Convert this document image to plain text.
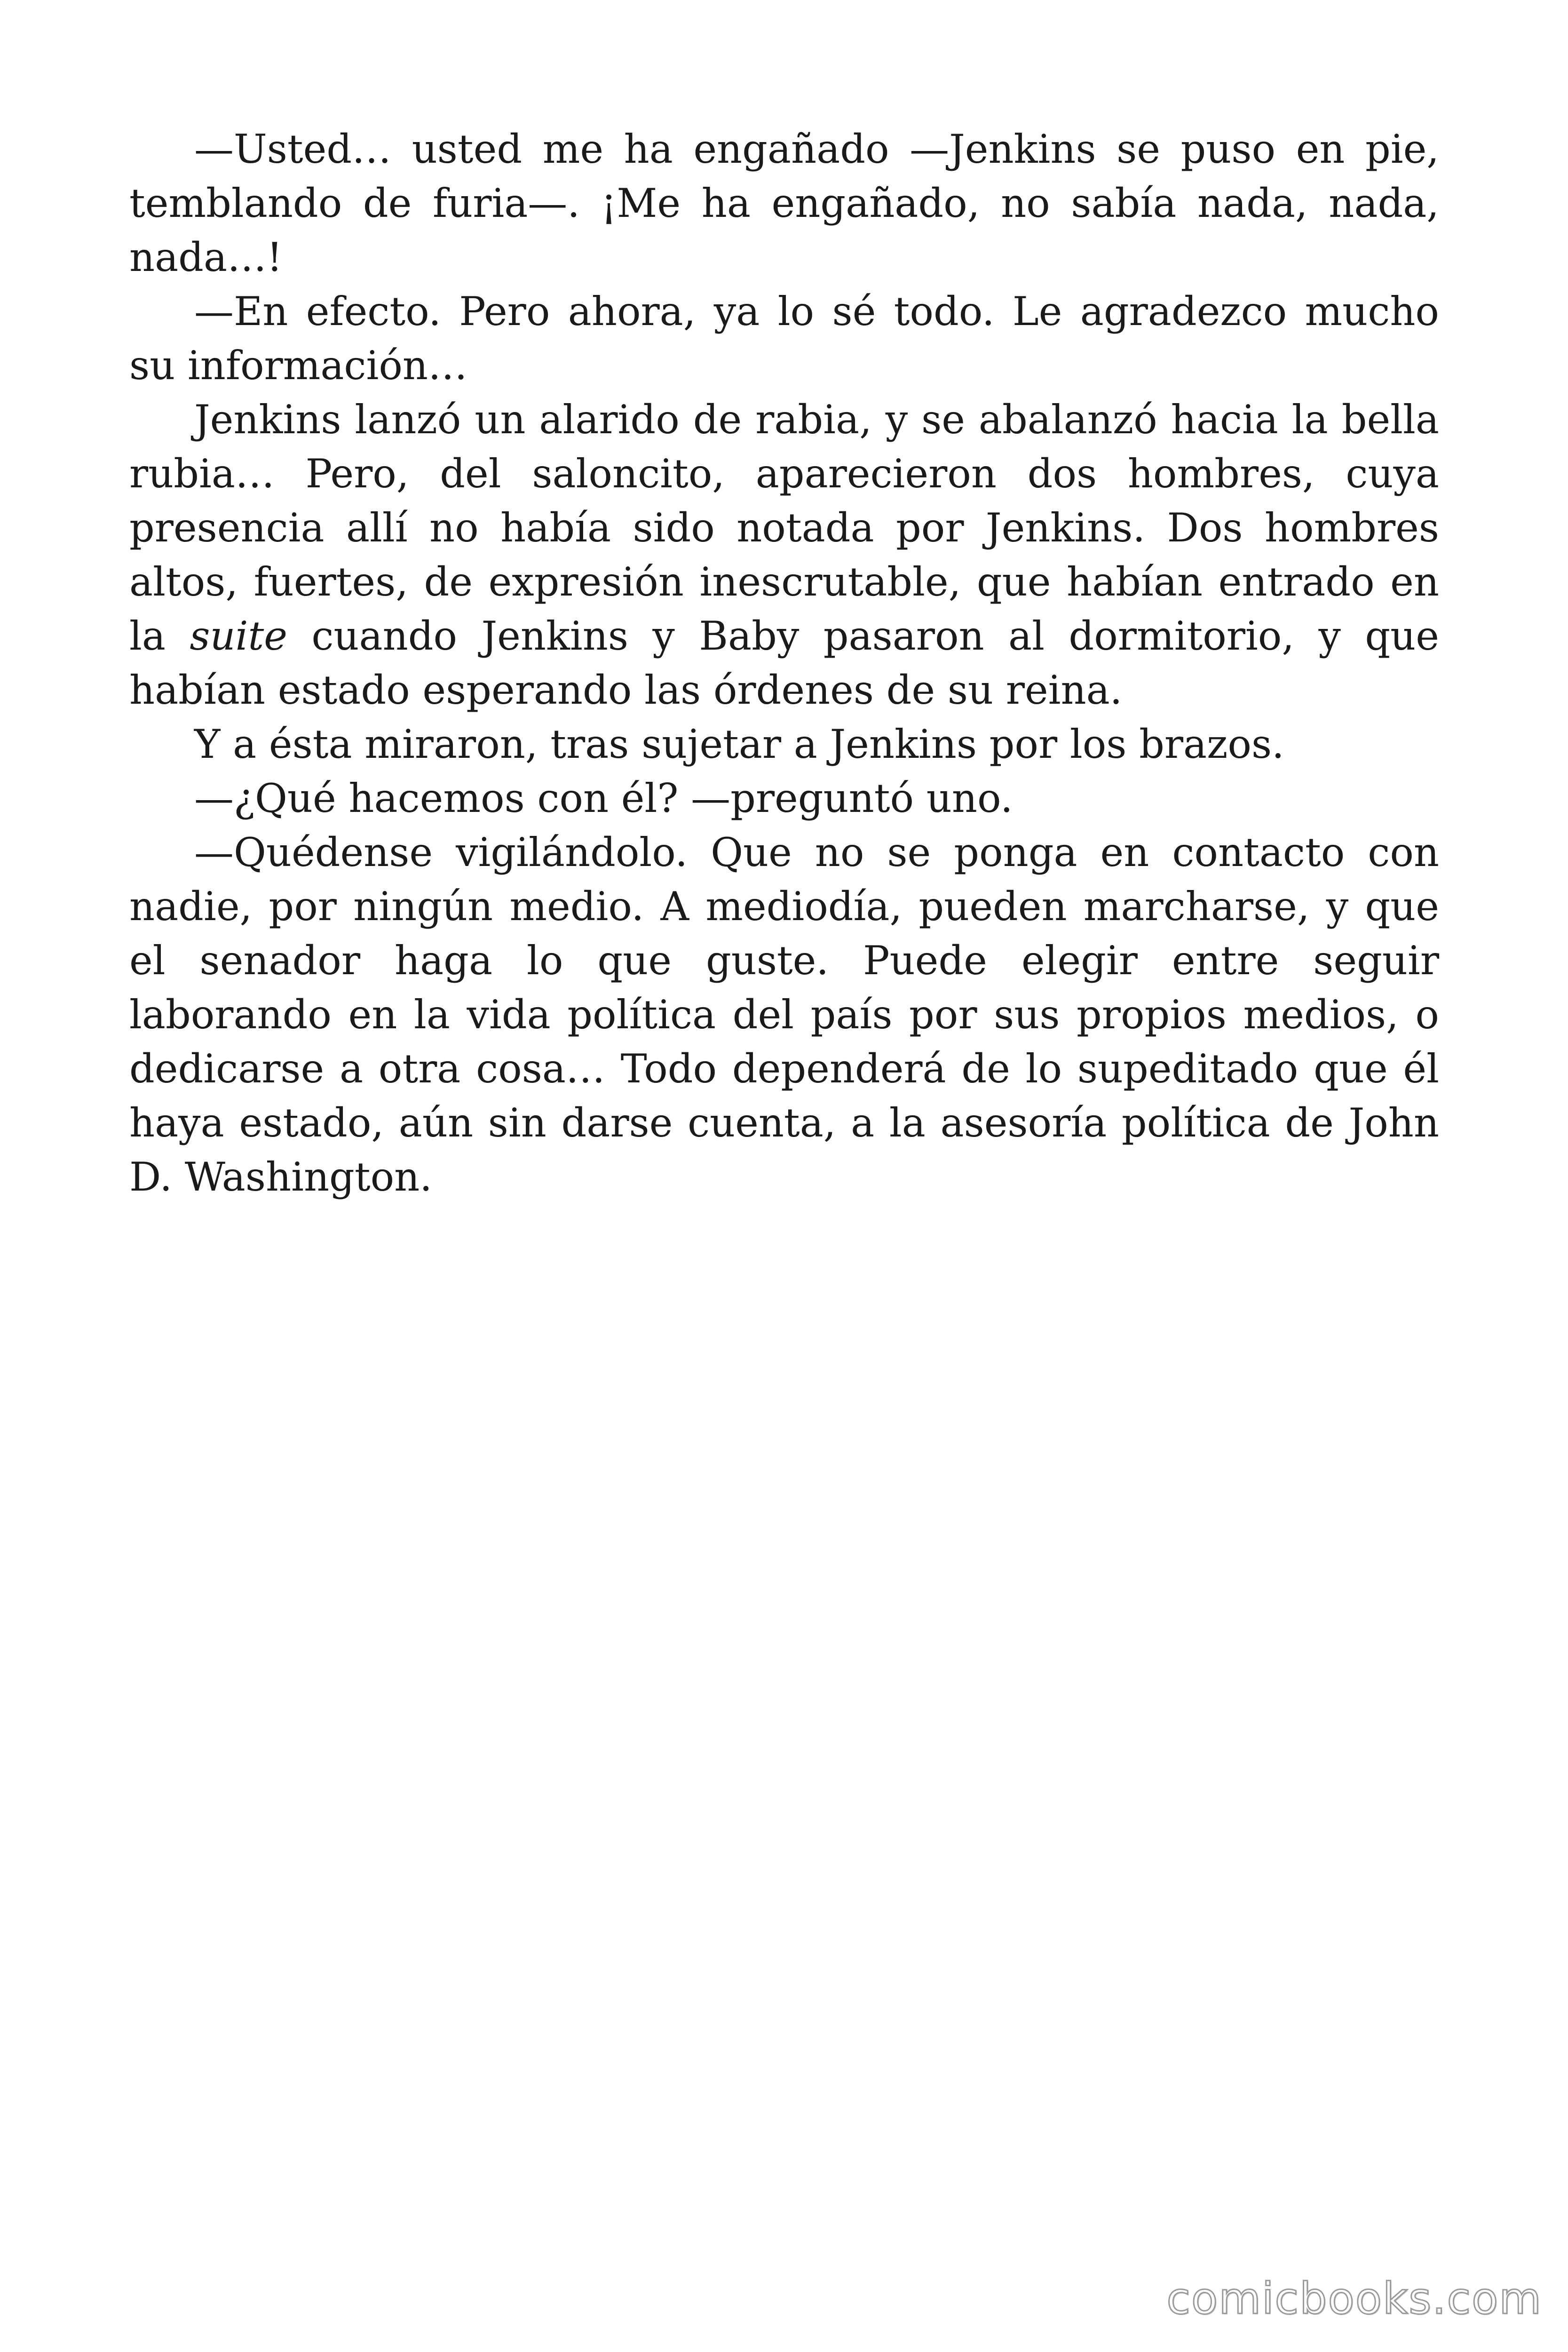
—Usted… usted me ha engañado —Jenkins se puso en pie, temblando de furia—. ¡Me ha engañado, no sabía nada, nada, nada…!

—En efecto. Pero ahora, ya lo sé todo. Le agradezco mucho su información…

Jenkins lanzó un alarido de rabia, y se abalanzó hacia la bella rubia… Pero, del saloncito, aparecieron dos hombres, cuya presencia allí no había sido notada por Jenkins. Dos hombres altos, fuertes, de expresión inescrutable, que habían entrado en la suite cuando Jenkins y Baby pasaron al dormitorio, y que habían estado esperando las órdenes de su reina.

Y a ésta miraron, tras sujetar a Jenkins por los brazos.

—¿Qué hacemos con él? —preguntó uno.

—Quédense vigilándolo. Que no se ponga en contacto con nadie, por ningún medio. A mediodía, pueden marcharse, y que el senador haga lo que guste. Puede elegir entre seguir laborando en la vida política del país por sus propios medios, o dedicarse a otra cosa… Todo dependerá de lo supeditado que él haya estado, aún sin darse cuenta, a la asesoría política de John D. Washington.

comicbooks.com
